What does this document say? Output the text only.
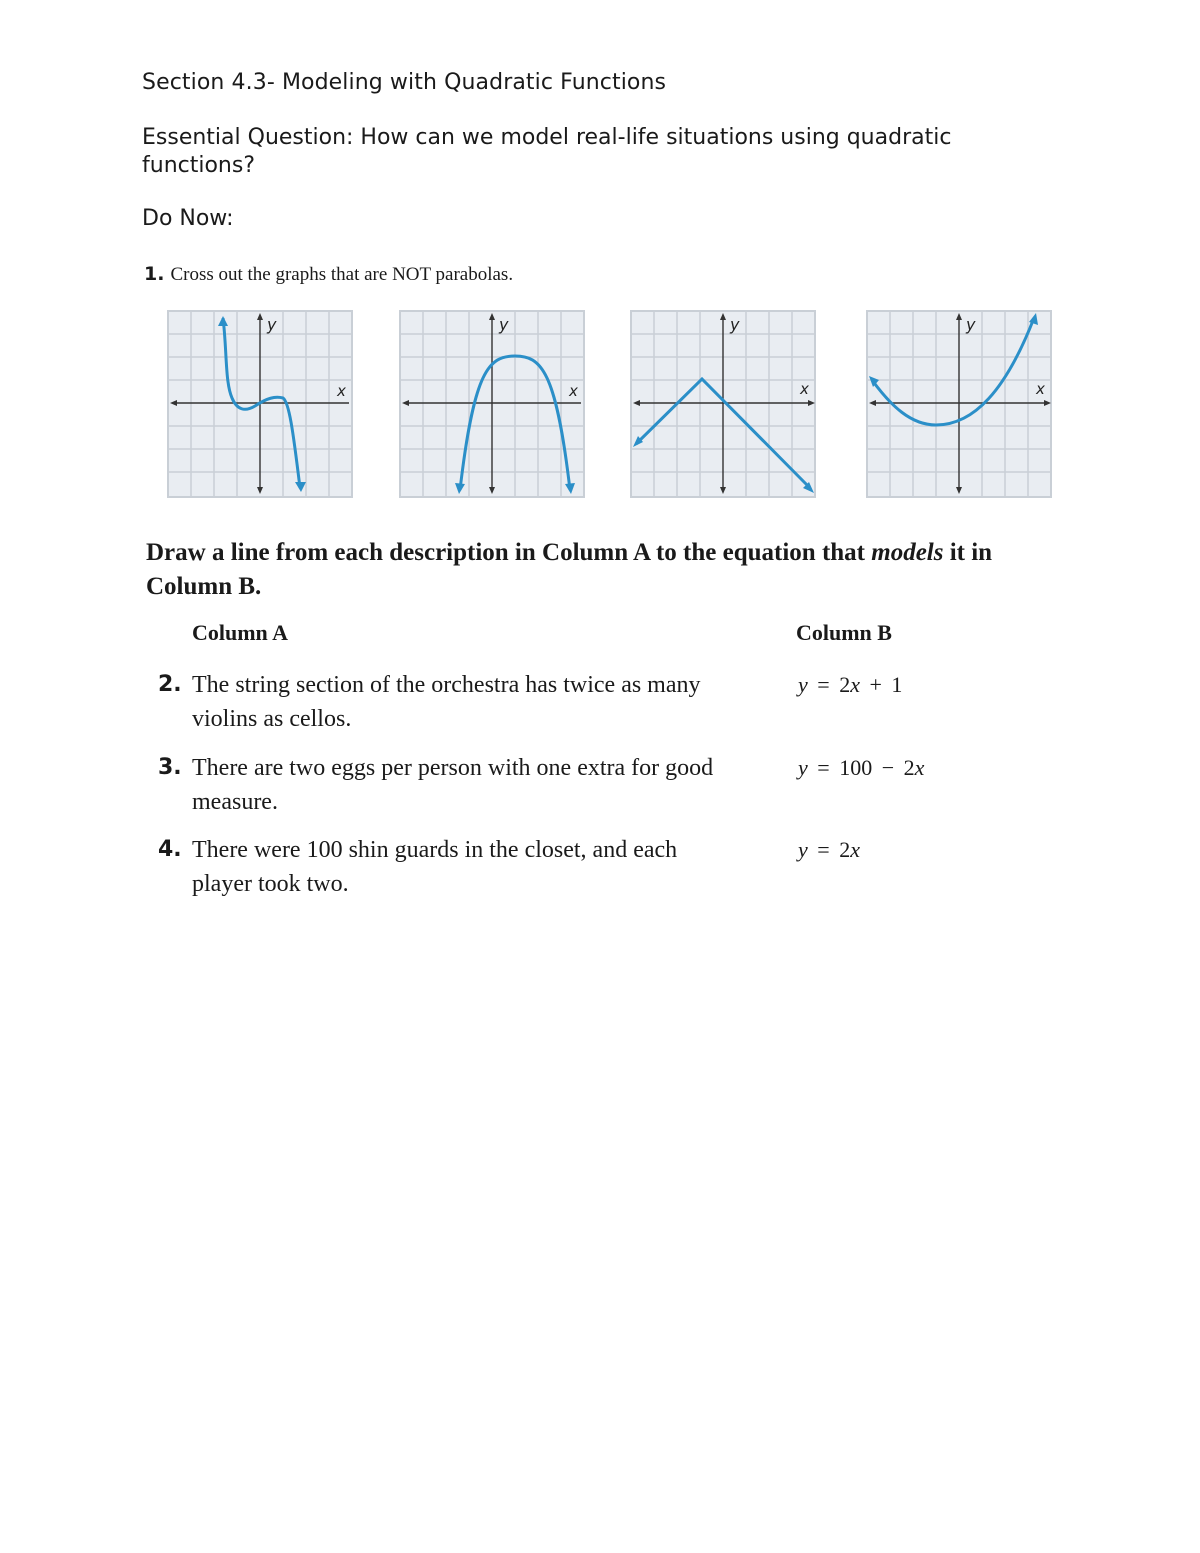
Section 4.3- Modeling with Quadratic Functions
Essential Question: How can we model real-life situations using quadratic functions?
Do Now:
1. Cross out the graphs that are NOT parabolas.
y
x
y
x
y
x
y
x
Draw a line from each description in Column A to the equation that models it in Column B.
Column A	Column B
2. The string section of the orchestra has twice as many violins as cellos.
3. There are two eggs per person with one extra for good measure.
4. There were 100 shin guards in the closet, and each player took two.
y = 2x + 1
y = 100 − 2x
y = 2x
